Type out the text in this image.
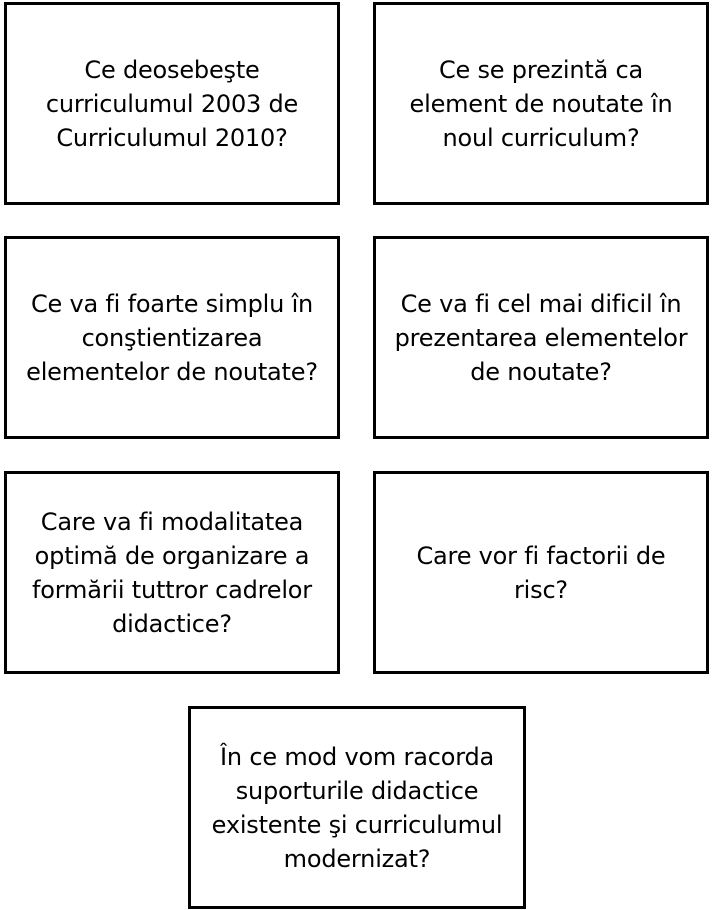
Ce deosebeşte
curriculumul 2003 de
Curriculumul 2010?
Ce se prezintă ca
element de noutate în
noul curriculum?
Ce va fi foarte simplu în
conştientizarea
elementelor de noutate?
Ce va fi cel mai dificil în
prezentarea elementelor
de noutate?
Care va fi modalitatea
optimă de organizare a
formării tuttror cadrelor
didactice?
Care vor fi factorii de
risc?
În ce mod vom racorda
suporturile didactice
existente şi curriculumul
modernizat?
